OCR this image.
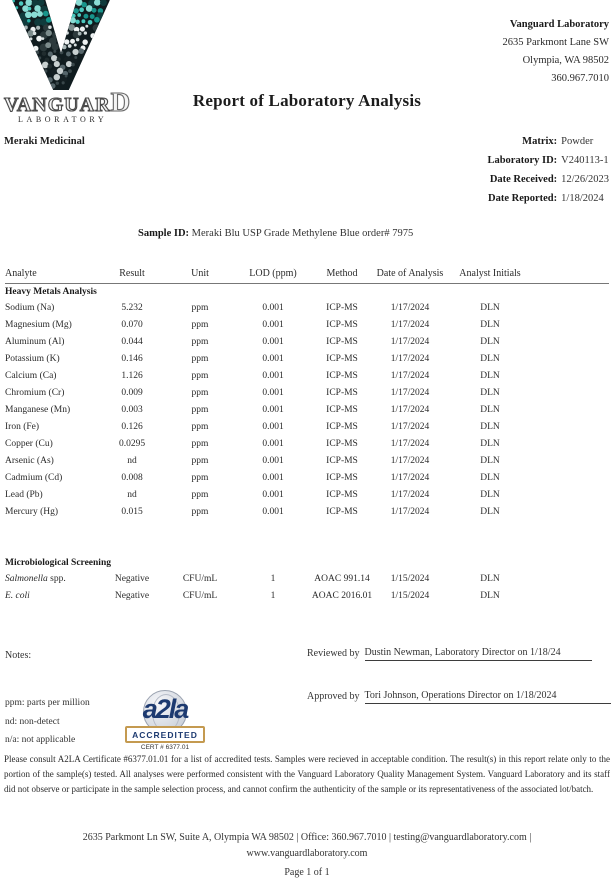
VANGUARD
LABORATORY
Vanguard Laboratory
2635 Parkmont Lane SW
Olympia, WA 98502
360.967.7010
Report of Laboratory Analysis
Meraki Medicinal	Matrix: Powder
Laboratory ID: V240113-1
Date Received: 12/26/2023
Date Reported: 1/18/2024
Sample ID: Meraki Blu USP Grade Methylene Blue order# 7975
Analyte	Result	Unit	LOD (ppm)	Method	Date of Analysis	Analyst Initials	
Heavy Metals Analysis							
Sodium (Na)	5.232	ppm	0.001	ICP-MS	1/17/2024	DLN	
Magnesium (Mg)	0.070	ppm	0.001	ICP-MS	1/17/2024	DLN	
Aluminum (Al)	0.044	ppm	0.001	ICP-MS	1/17/2024	DLN	
Potassium (K)	0.146	ppm	0.001	ICP-MS	1/17/2024	DLN	
Calcium (Ca)	1.126	ppm	0.001	ICP-MS	1/17/2024	DLN	
Chromium (Cr)	0.009	ppm	0.001	ICP-MS	1/17/2024	DLN	
Manganese (Mn)	0.003	ppm	0.001	ICP-MS	1/17/2024	DLN	
Iron (Fe)	0.126	ppm	0.001	ICP-MS	1/17/2024	DLN	
Copper (Cu)	0.0295	ppm	0.001	ICP-MS	1/17/2024	DLN	
Arsenic (As)	nd	ppm	0.001	ICP-MS	1/17/2024	DLN	
Cadmium (Cd)	0.008	ppm	0.001	ICP-MS	1/17/2024	DLN	
Lead (Pb)	nd	ppm	0.001	ICP-MS	1/17/2024	DLN	
Mercury (Hg)	0.015	ppm	0.001	ICP-MS	1/17/2024	DLN	

Microbiological Screening							
Salmonella spp.	Negative	CFU/mL	1	AOAC 991.14	1/15/2024	DLN	
E. coli	Negative	CFU/mL	1	AOAC 2016.01	1/15/2024	DLN	
Notes:	Reviewed by Dustin Newman, Laboratory Director on 1/18/24
Approved by Tori Johnson, Operations Director on 1/18/2024
ppm: parts per million
nd: non-detect
n/a: not applicable
a2la
ACCREDITED
CERT # 6377.01
Please consult A2LA Certificate #6377.01.01 for a list of accredited tests. Samples were recieved in acceptable condition. The result(s) in this report relate only to the portion of the sample(s) tested. All analyses were performed consistent with the Vanguard Laboratory Quality Management System. Vanguard Laboratory and its staff did not observe or participate in the sample selection process, and cannot confirm the authenticity of the sample or its representativeness of the associated lot/batch.
2635 Parkmont Ln SW, Suite A, Olympia WA 98502 | Office: 360.967.7010 | testing@vanguardlaboratory.com |
www.vanguardlaboratory.com
Page 1 of 1
